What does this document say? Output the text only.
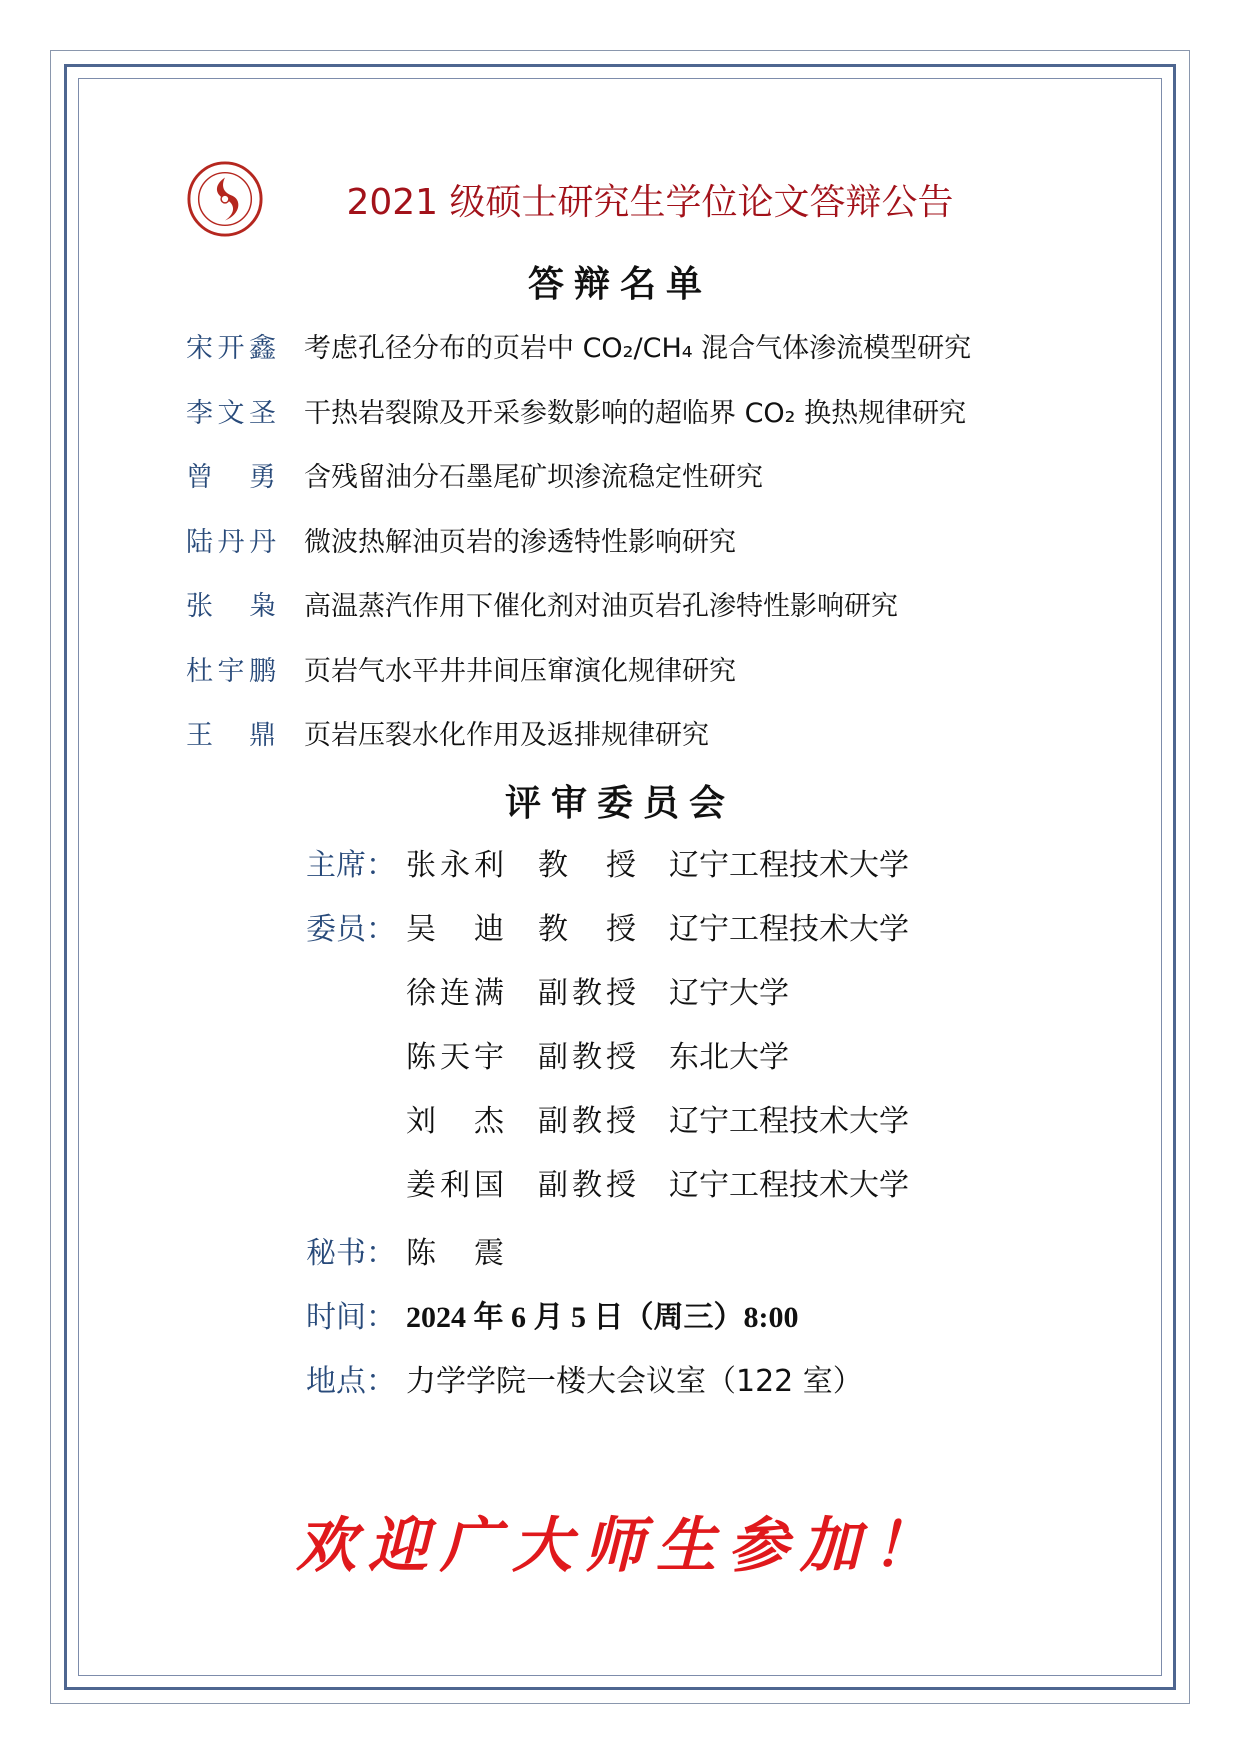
2021 级硕士研究生学位论文答辩公告
答辩名单
宋开鑫 考虑孔径分布的页岩中 CO₂/CH₄ 混合气体渗流模型研究
李文圣 干热岩裂隙及开采参数影响的超临界 CO₂ 换热规律研究
曾勇 含残留油分石墨尾矿坝渗流稳定性研究
陆丹丹 微波热解油页岩的渗透特性影响研究
张枭 高温蒸汽作用下催化剂对油页岩孔渗特性影响研究
杜宇鹏 页岩气水平井井间压窜演化规律研究
王鼎 页岩压裂水化作用及返排规律研究
评审委员会
主席： 张永利 教授 辽宁工程技术大学
委员： 吴迪 教授 辽宁工程技术大学
徐连满 副教授 辽宁大学
陈天宇 副教授 东北大学
刘杰 副教授 辽宁工程技术大学
姜利国 副教授 辽宁工程技术大学
秘书： 陈震
时间： 2024 年 6 月 5 日（周三）8:00
地点： 力学学院一楼大会议室（122 室）
欢迎广大师生参加！
